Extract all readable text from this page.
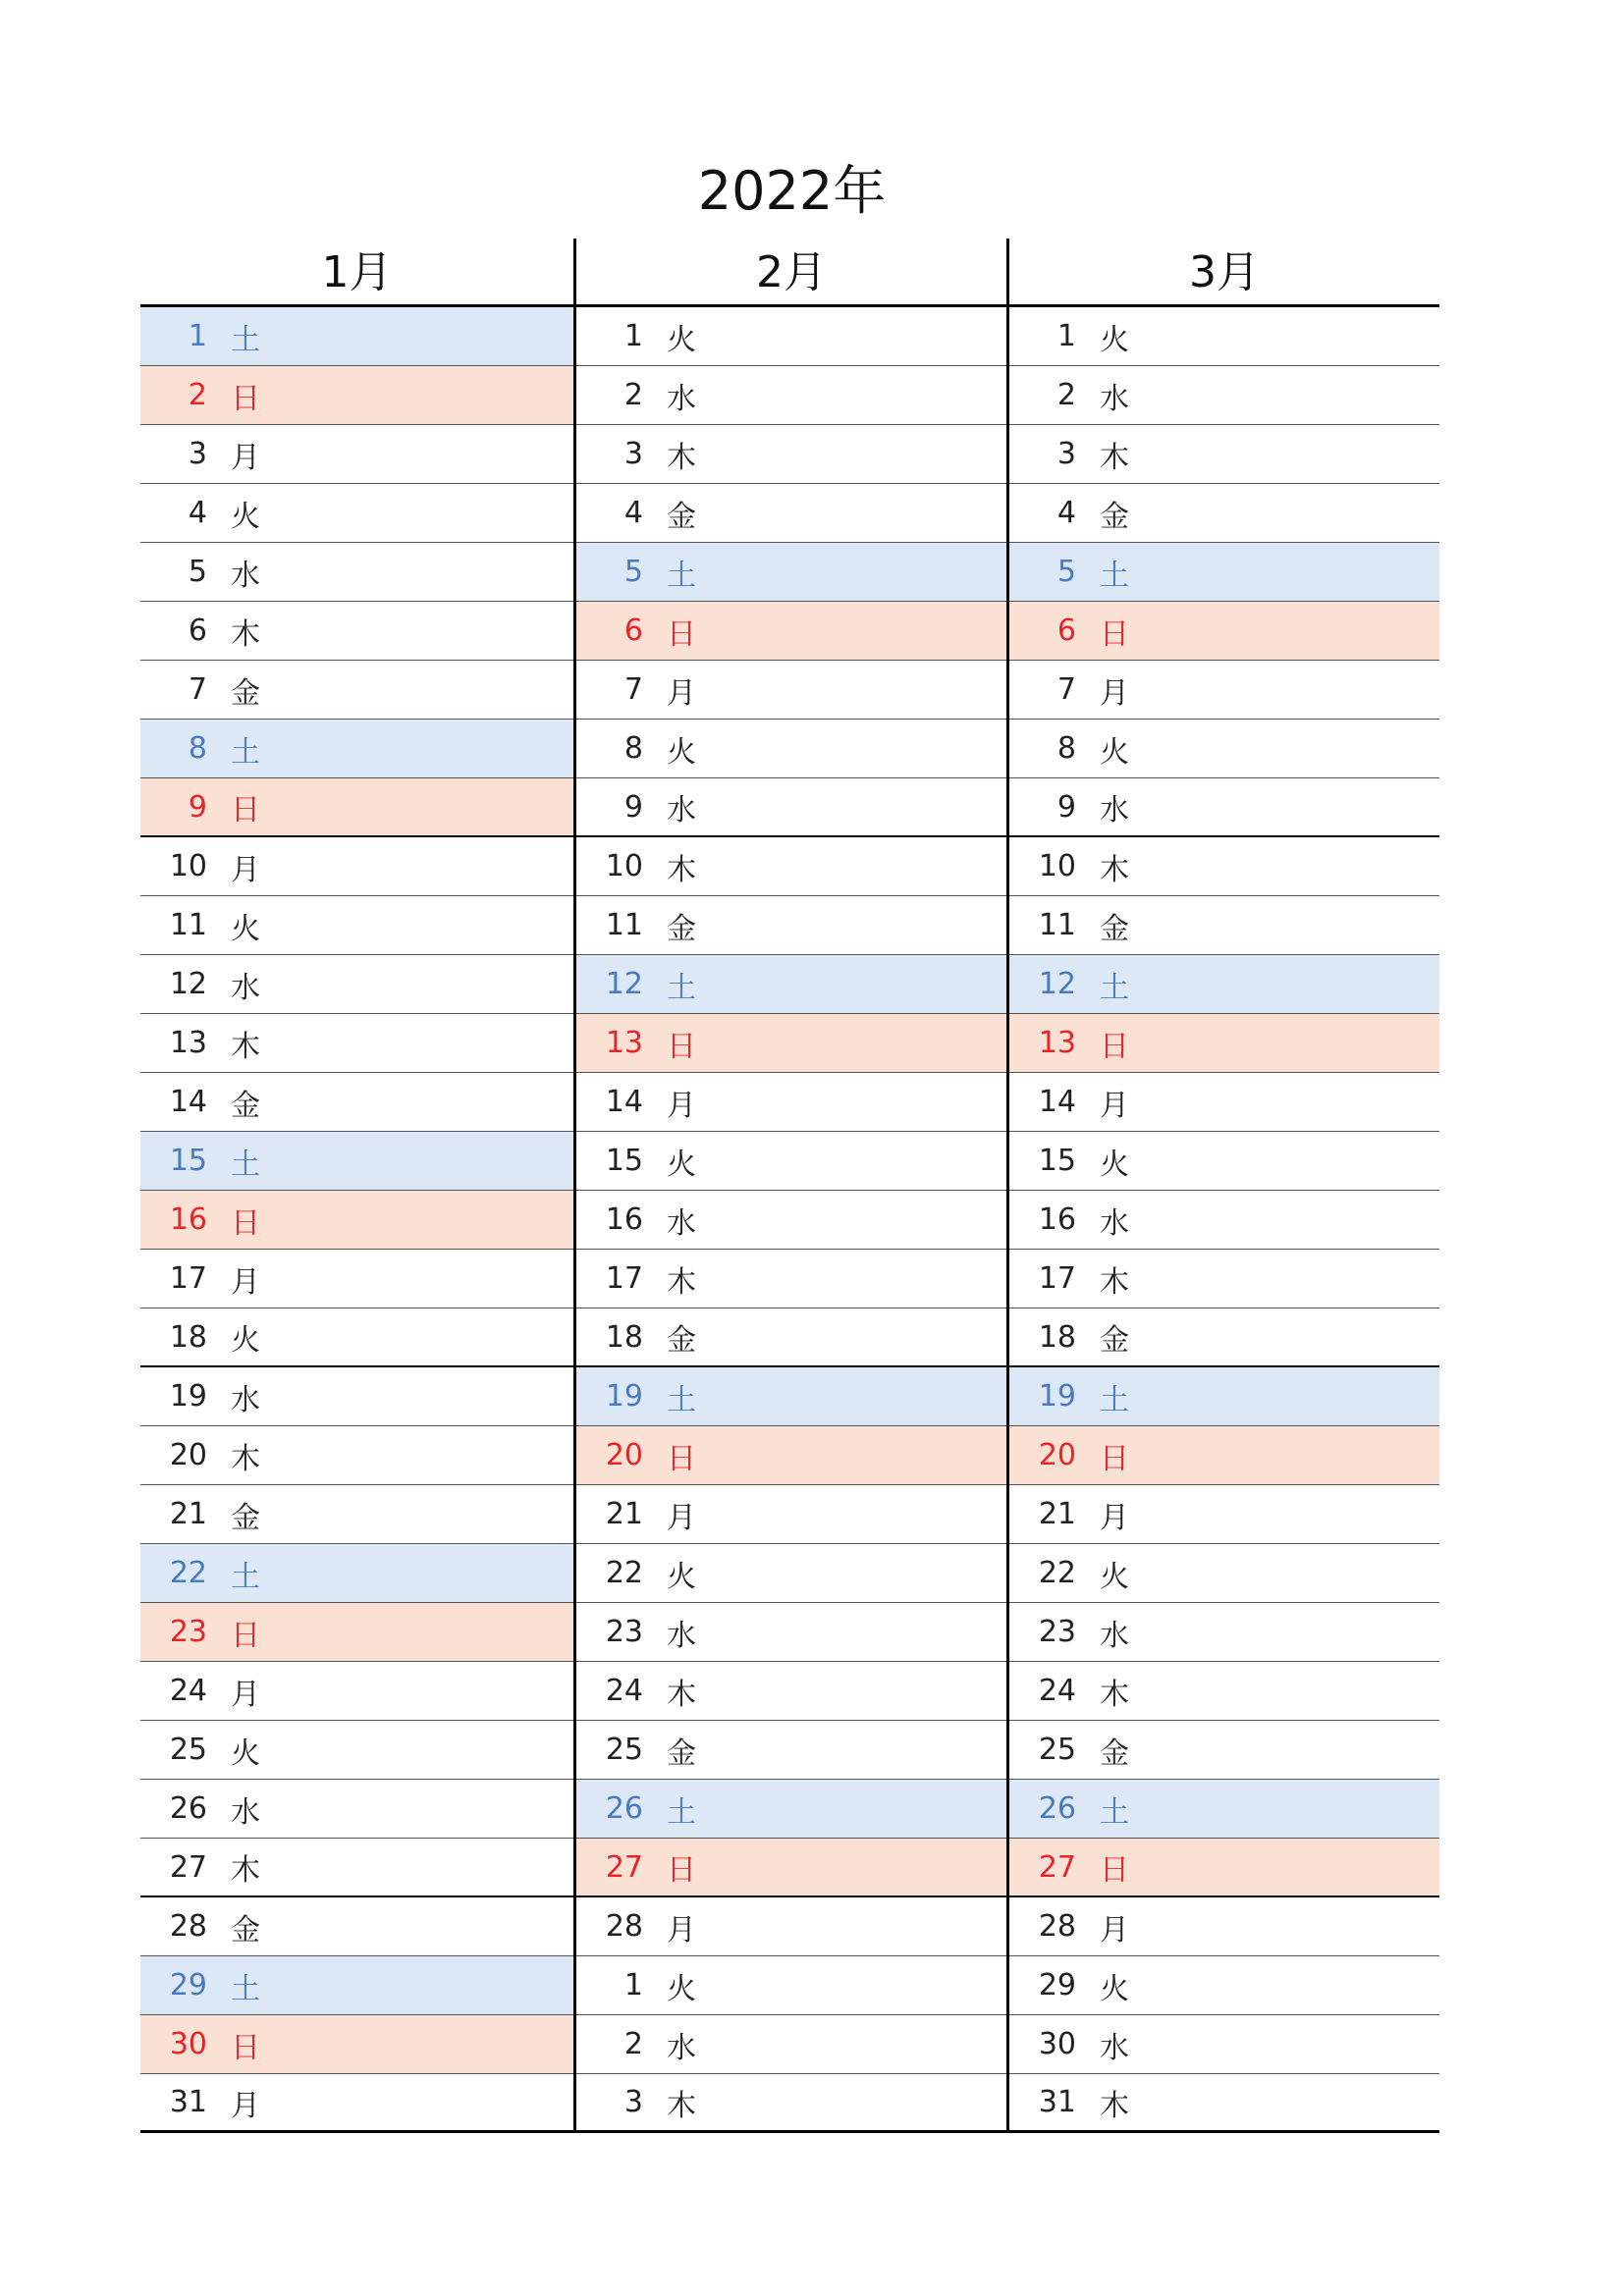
2022年
1月
1 土
2 日
3 月
4 火
5 水
6 木
7 金
8 土
9 日
10 月
11 火
12 水
13 木
14 金
15 土
16 日
17 月
18 火
19 水
20 木
21 金
22 土
23 日
24 月
25 火
26 水
27 木
28 金
29 土
30 日
31 月
2月
1 火
2 水
3 木
4 金
5 土
6 日
7 月
8 火
9 水
10 木
11 金
12 土
13 日
14 月
15 火
16 水
17 木
18 金
19 土
20 日
21 月
22 火
23 水
24 木
25 金
26 土
27 日
28 月
1 火
2 水
3 木
3月
1 火
2 水
3 木
4 金
5 土
6 日
7 月
8 火
9 水
10 木
11 金
12 土
13 日
14 月
15 火
16 水
17 木
18 金
19 土
20 日
21 月
22 火
23 水
24 木
25 金
26 土
27 日
28 月
29 火
30 水
31 木
